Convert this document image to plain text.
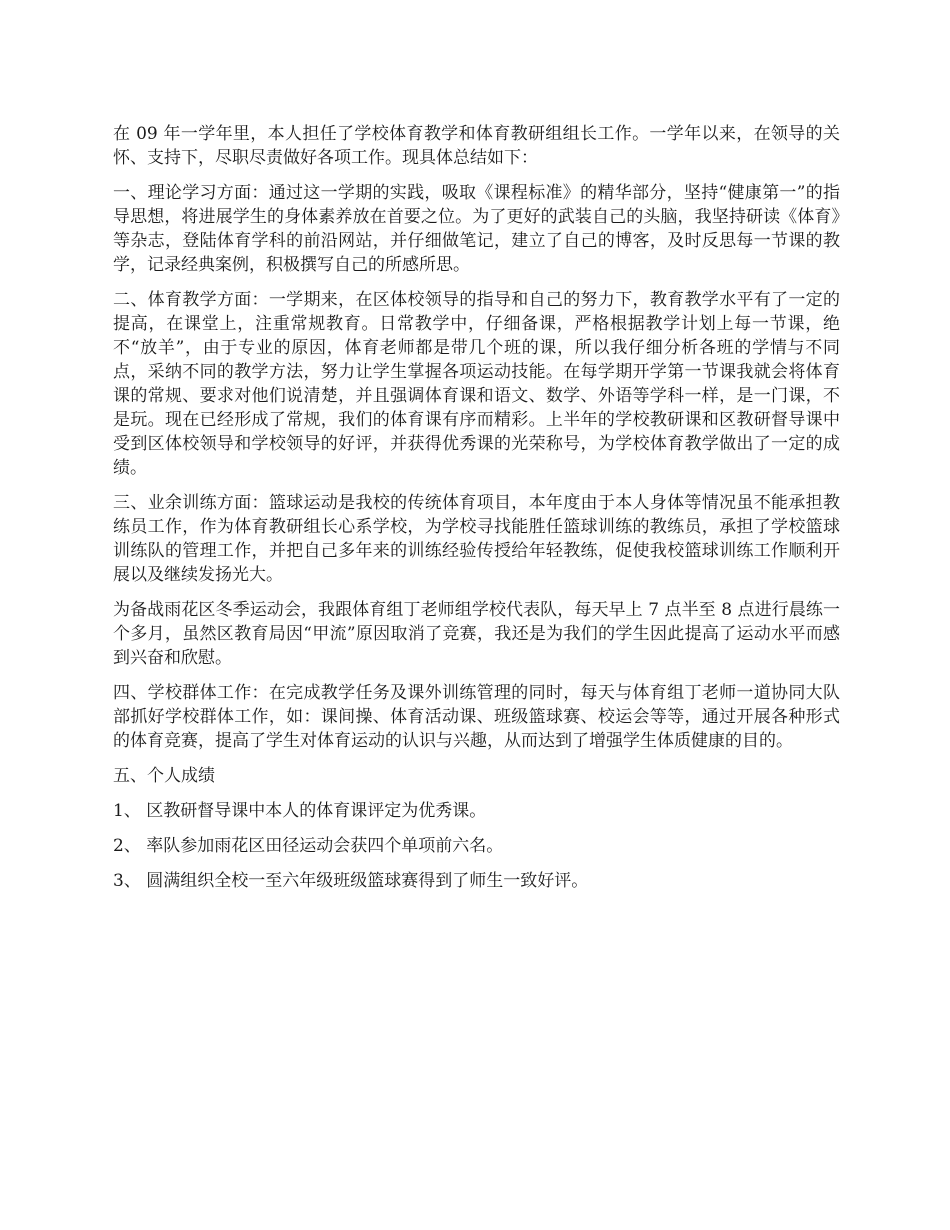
在 09 年一学年里，本人担任了学校体育教学和体育教研组组长工作。一学年以来，在领导的关怀、支持下，尽职尽责做好各项工作。现具体总结如下：

一、理论学习方面：通过这一学期的实践，吸取《课程标准》的精华部分，坚持“健康第一”的指导思想，将进展学生的身体素养放在首要之位。为了更好的武装自己的头脑，我坚持研读《体育》等杂志，登陆体育学科的前沿网站，并仔细做笔记，建立了自己的博客，及时反思每一节课的教学，记录经典案例，积极撰写自己的所感所思。

二、体育教学方面：一学期来，在区体校领导的指导和自己的努力下，教育教学水平有了一定的提高，在课堂上，注重常规教育。日常教学中，仔细备课，严格根据教学计划上每一节课，绝不“放羊”，由于专业的原因，体育老师都是带几个班的课，所以我仔细分析各班的学情与不同点，采纳不同的教学方法，努力让学生掌握各项运动技能。在每学期开学第一节课我就会将体育课的常规、要求对他们说清楚，并且强调体育课和语文、数学、外语等学科一样，是一门课，不是玩。现在已经形成了常规，我们的体育课有序而精彩。上半年的学校教研课和区教研督导课中受到区体校领导和学校领导的好评，并获得优秀课的光荣称号，为学校体育教学做出了一定的成绩。

三、业余训练方面：篮球运动是我校的传统体育项目，本年度由于本人身体等情况虽不能承担教练员工作，作为体育教研组长心系学校，为学校寻找能胜任篮球训练的教练员，承担了学校篮球训练队的管理工作，并把自己多年来的训练经验传授给年轻教练，促使我校篮球训练工作顺利开展以及继续发扬光大。

为备战雨花区冬季运动会，我跟体育组丁老师组学校代表队，每天早上 7 点半至 8 点进行晨练一个多月，虽然区教育局因“甲流”原因取消了竞赛，我还是为我们的学生因此提高了运动水平而感到兴奋和欣慰。

四、学校群体工作：在完成教学任务及课外训练管理的同时，每天与体育组丁老师一道协同大队部抓好学校群体工作，如：课间操、体育活动课、班级篮球赛、校运会等等，通过开展各种形式的体育竞赛，提高了学生对体育运动的认识与兴趣，从而达到了增强学生体质健康的目的。

五、个人成绩

1、 区教研督导课中本人的体育课评定为优秀课。

2、 率队参加雨花区田径运动会获四个单项前六名。

3、 圆满组织全校一至六年级班级篮球赛得到了师生一致好评。
